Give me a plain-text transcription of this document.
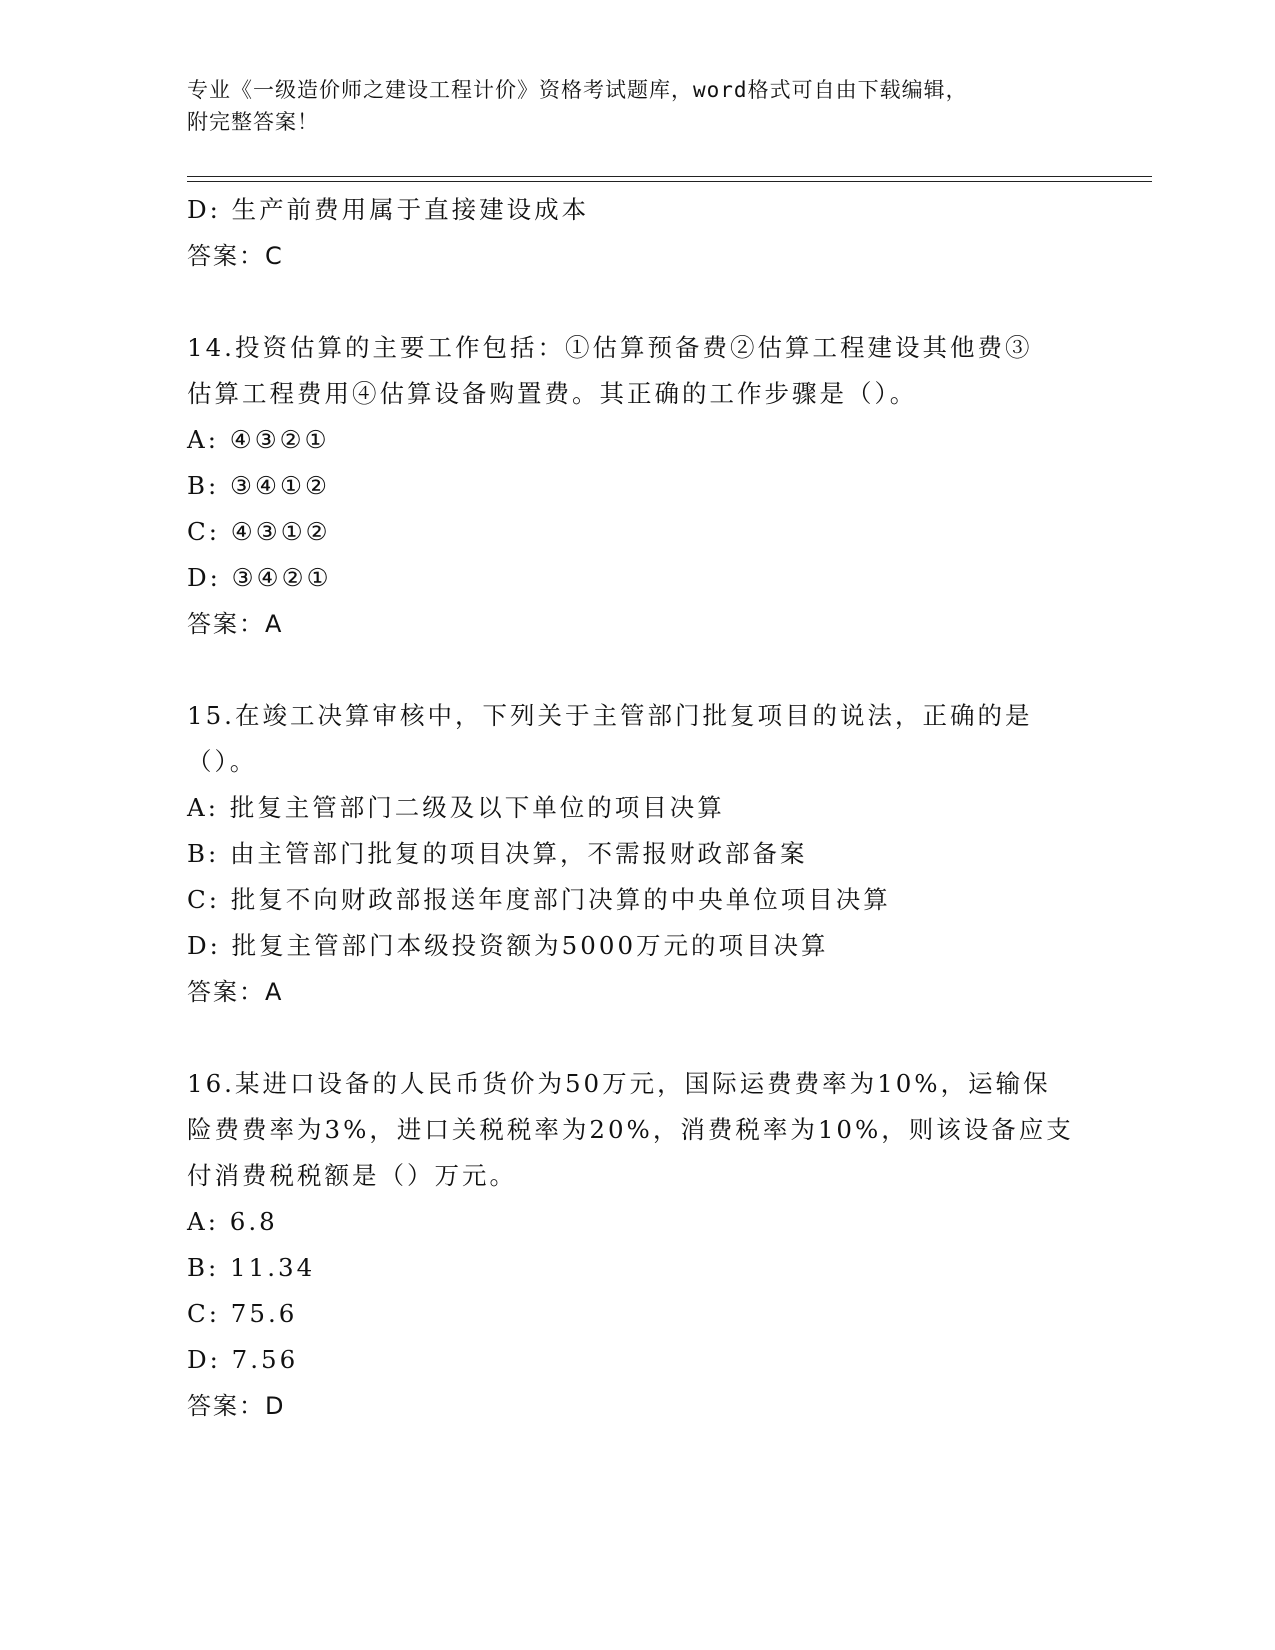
专业《一级造价师之建设工程计价》资格考试题库，word格式可自由下载编辑，
附完整答案！
D: 生产前费用属于直接建设成本
答案：C
14.投资估算的主要工作包括：①估算预备费②估算工程建设其他费③
估算工程费用④估算设备购置费。其正确的工作步骤是（）。
A: ④③②①
B: ③④①②
C: ④③①②
D: ③④②①
答案：A
15.在竣工决算审核中，下列关于主管部门批复项目的说法，正确的是
（）。
A: 批复主管部门二级及以下单位的项目决算
B: 由主管部门批复的项目决算，不需报财政部备案
C: 批复不向财政部报送年度部门决算的中央单位项目决算
D: 批复主管部门本级投资额为5000万元的项目决算
答案：A
16.某进口设备的人民币货价为50万元，国际运费费率为10%，运输保
险费费率为3%，进口关税税率为20%，消费税率为10%，则该设备应支
付消费税税额是（）万元。
A: 6.8
B: 11.34
C: 75.6
D: 7.56
答案：D
